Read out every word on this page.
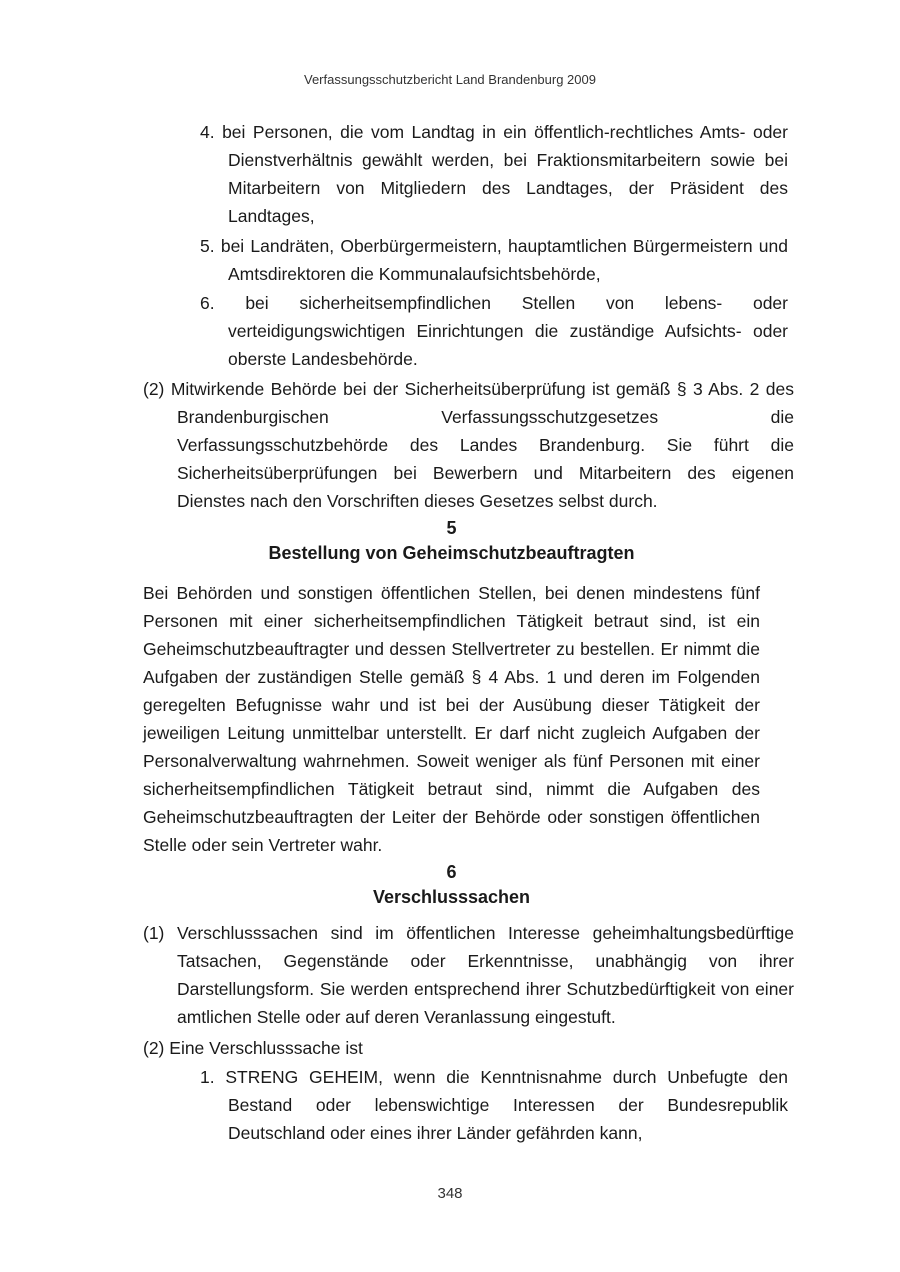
Verfassungsschutzbericht Land Brandenburg 2009
4. bei Personen, die vom Landtag in ein öffentlich-rechtliches Amts- oder Dienstverhältnis gewählt werden, bei Fraktionsmitarbeitern sowie bei Mitarbeitern von Mitgliedern des Landtages, der Präsident des Landtages,
5. bei Landräten, Oberbürgermeistern, hauptamtlichen Bürgermeistern und Amtsdirektoren die Kommunalaufsichtsbehörde,
6. bei sicherheitsempfindlichen Stellen von lebens- oder verteidigungswichtigen Einrichtungen die zuständige Aufsichts- oder oberste Landesbehörde.
(2) Mitwirkende Behörde bei der Sicherheitsüberprüfung ist gemäß § 3 Abs. 2 des Brandenburgischen Verfassungsschutzgesetzes die Verfassungsschutzbehörde des Landes Brandenburg. Sie führt die Sicherheitsüberprüfungen bei Bewerbern und Mitarbeitern des eigenen Dienstes nach den Vorschriften dieses Gesetzes selbst durch.
5
Bestellung von Geheimschutzbeauftragten
Bei Behörden und sonstigen öffentlichen Stellen, bei denen mindestens fünf Personen mit einer sicherheitsempfindlichen Tätigkeit betraut sind, ist ein Geheimschutzbeauftragter und dessen Stellvertreter zu bestellen. Er nimmt die Aufgaben der zuständigen Stelle gemäß § 4 Abs. 1 und deren im Folgenden geregelten Befugnisse wahr und ist bei der Ausübung dieser Tätigkeit der jeweiligen Leitung unmittelbar unterstellt. Er darf nicht zugleich Aufgaben der Personalverwaltung wahrnehmen. Soweit weniger als fünf Personen mit einer sicherheitsempfindlichen Tätigkeit betraut sind, nimmt die Aufgaben des Geheimschutzbeauftragten der Leiter der Behörde oder sonstigen öffentlichen Stelle oder sein Vertreter wahr.
6
Verschlusssachen
(1) Verschlusssachen sind im öffentlichen Interesse geheimhaltungsbedürftige Tatsachen, Gegenstände oder Erkenntnisse, unabhängig von ihrer Darstellungsform. Sie werden entsprechend ihrer Schutzbedürftigkeit von einer amtlichen Stelle oder auf deren Veranlassung eingestuft.
(2) Eine Verschlusssache ist
1. STRENG GEHEIM, wenn die Kenntnisnahme durch Unbefugte den Bestand oder lebenswichtige Interessen der Bundesrepublik Deutschland oder eines ihrer Länder gefährden kann,
348
